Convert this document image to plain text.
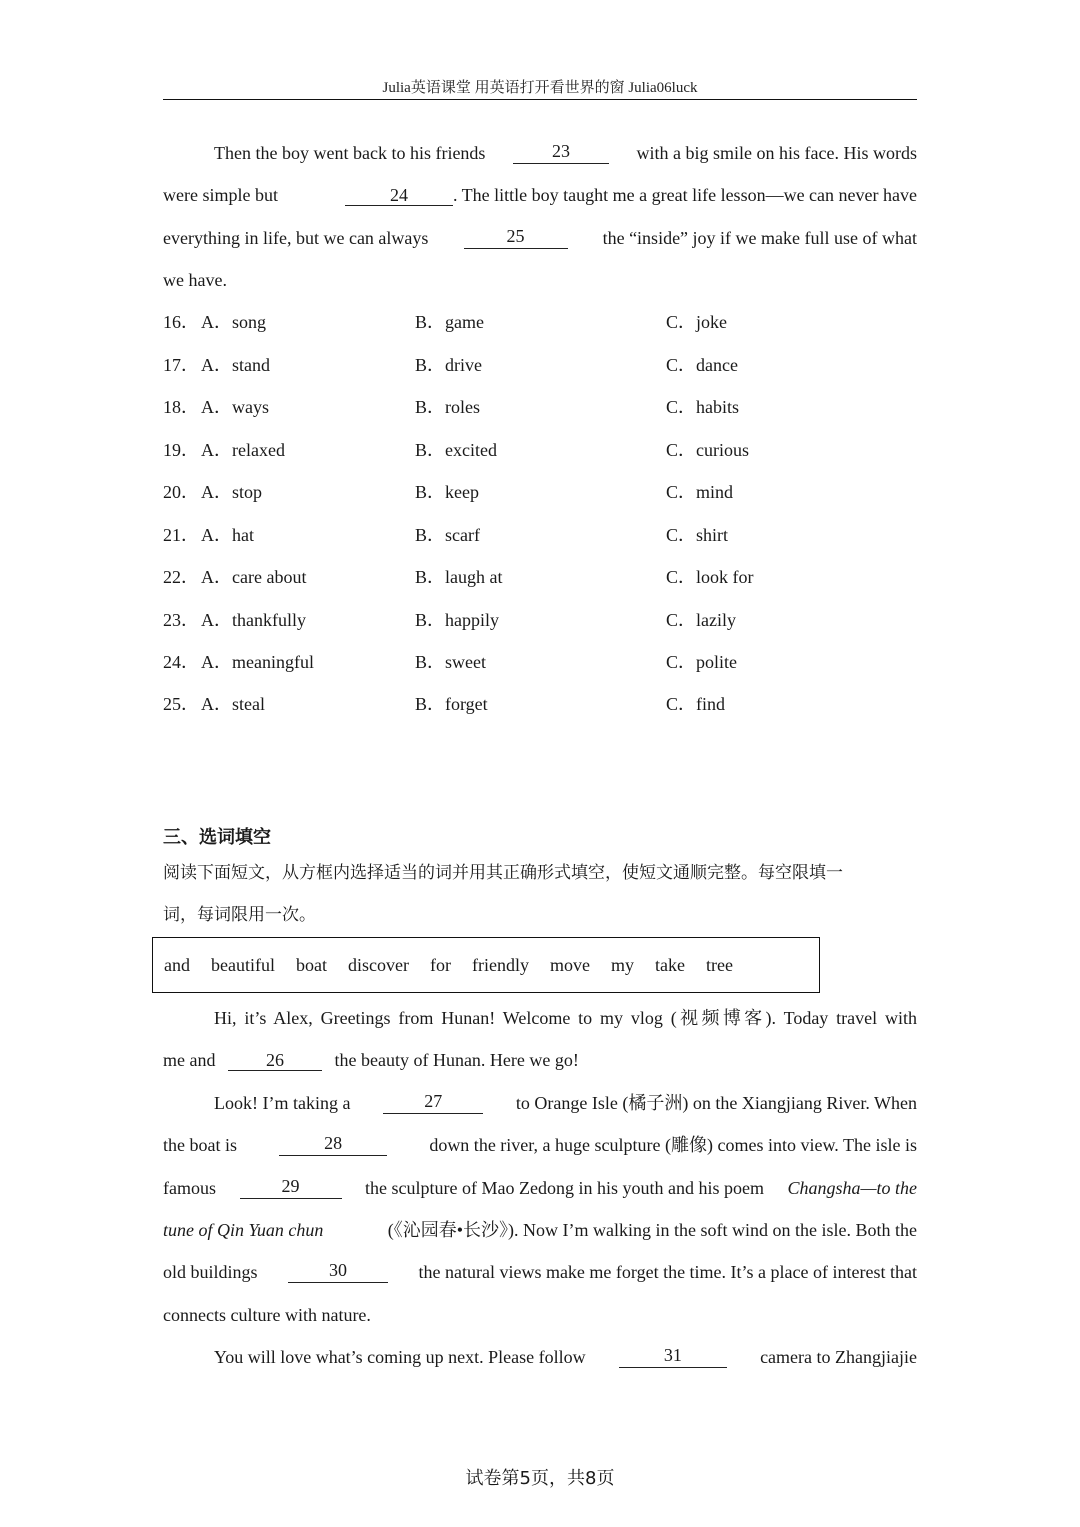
Julia英语课堂 用英语打开看世界的窗 Julia06luck
Then the boy went back to his friends	23	with a big smile on his face. His words
were simple but	24	. The little boy taught me a great life lesson—we can never have
everything in life, but we can always	25	the “inside” joy if we make full use of what
we have.
16． A．song	B．game	C．joke
17． A．stand	B．drive	C．dance
18． A．ways	B．roles	C．habits
19． A．relaxed	B．excited	C．curious
20． A．stop	B．keep	C．mind
21． A．hat	B．scarf	C．shirt
22． A．care about	B．laugh at	C．look for
23． A．thankfully	B．happily	C．lazily
24． A．meaningful	B．sweet	C．polite
25． A．steal	B．forget	C．find
三、选词填空
阅读下面短文，从方框内选择适当的词并用其正确形式填空，使短文通顺完整。每空限填一
词，每词限用一次。
and beautiful boat discover for friendly move my take tree
Hi, it’s Alex, Greetings from Hunan! Welcome to my vlog (视频博客). Today travel with
me and	26	the beauty of Hunan. Here we go!
Look! I’m taking a	27	to Orange Isle (橘子洲) on the Xiangjiang River. When
the boat is	28	down the river, a huge sculpture (雕像) comes into view. The isle is
famous	29	the sculpture of Mao Zedong in his youth and his poem Changsha—to the
tune of Qin Yuan chun	(《沁园春•长沙》). Now I’m walking in the soft wind on the isle. Both the
old buildings	30	the natural views make me forget the time. It’s a place of interest that
connects culture with nature.
You will love what’s coming up next. Please follow	31	camera to Zhangjiajie
试卷第5页，共8页
